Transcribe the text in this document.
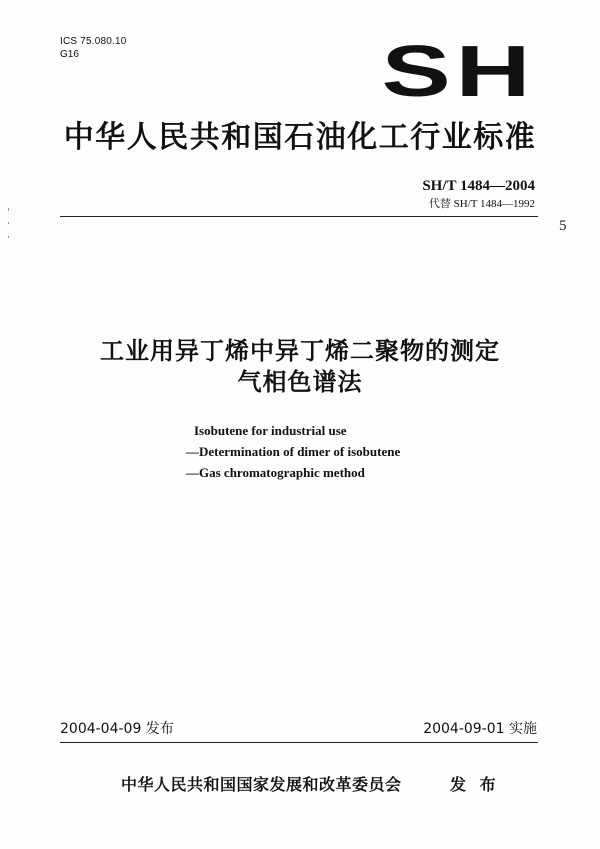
ICS 75.080.10
G16	SH
中华人民共和国石油化工行业标准
SH/T 1484—2004
代替 SH/T 1484—1992
5
工业用异丁烯中异丁烯二聚物的测定
气相色谱法
Isobutene for industrial use
—Determination of dimer of isobutene
—Gas chromatographic method
2004-04-09 发布	2004-09-01 实施
中华人民共和国国家发展和改革委员会	发 布
